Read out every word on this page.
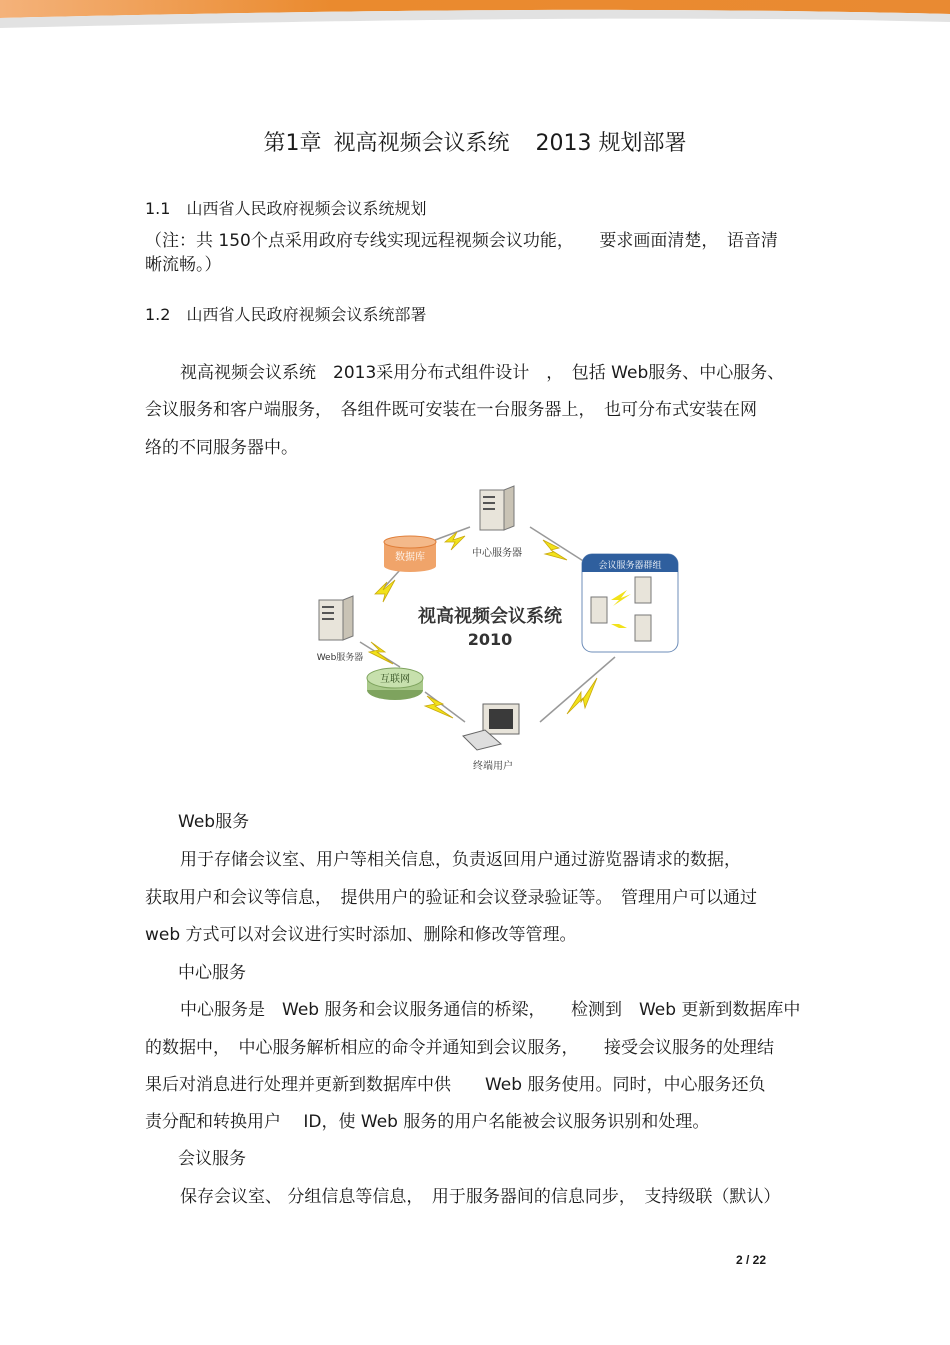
第1章 视高视频会议系统 2013 规划部署
1.1　山西省人民政府视频会议系统规划
（注：共 150个点采用政府专线实现远程视频会议功能，　　要求画面清楚，　语音清
晰流畅。）
1.2　山西省人民政府视频会议系统部署
视高视频会议系统　2013采用分布式组件设计　，　包括 Web服务、中心服务、
会议服务和客户端服务，　各组件既可安装在一台服务器上，　也可分布式安装在网
络的不同服务器中。
数据库	中心服务器
会议服务器群组
视高视频会议系统
2010
Web服务器
互联网
终端用户
Web服务
用于存储会议室、用户等相关信息，负责返回用户通过游览器请求的数据，
获取用户和会议等信息，　提供用户的验证和会议登录验证等。　管理用户可以通过
web 方式可以对会议进行实时添加、删除和修改等管理。
中心服务
中心服务是　Web 服务和会议服务通信的桥梁，　　检测到　Web 更新到数据库中
的数据中，　中心服务解析相应的命令并通知到会议服务，　　接受会议服务的处理结
果后对消息进行处理并更新到数据库中供　　Web 服务使用。同时，中心服务还负
责分配和转换用户　 ID，使 Web 服务的用户名能被会议服务识别和处理。
会议服务
保存会议室、 分组信息等信息，　用于服务器间的信息同步，　支持级联（默认）
2 / 22
